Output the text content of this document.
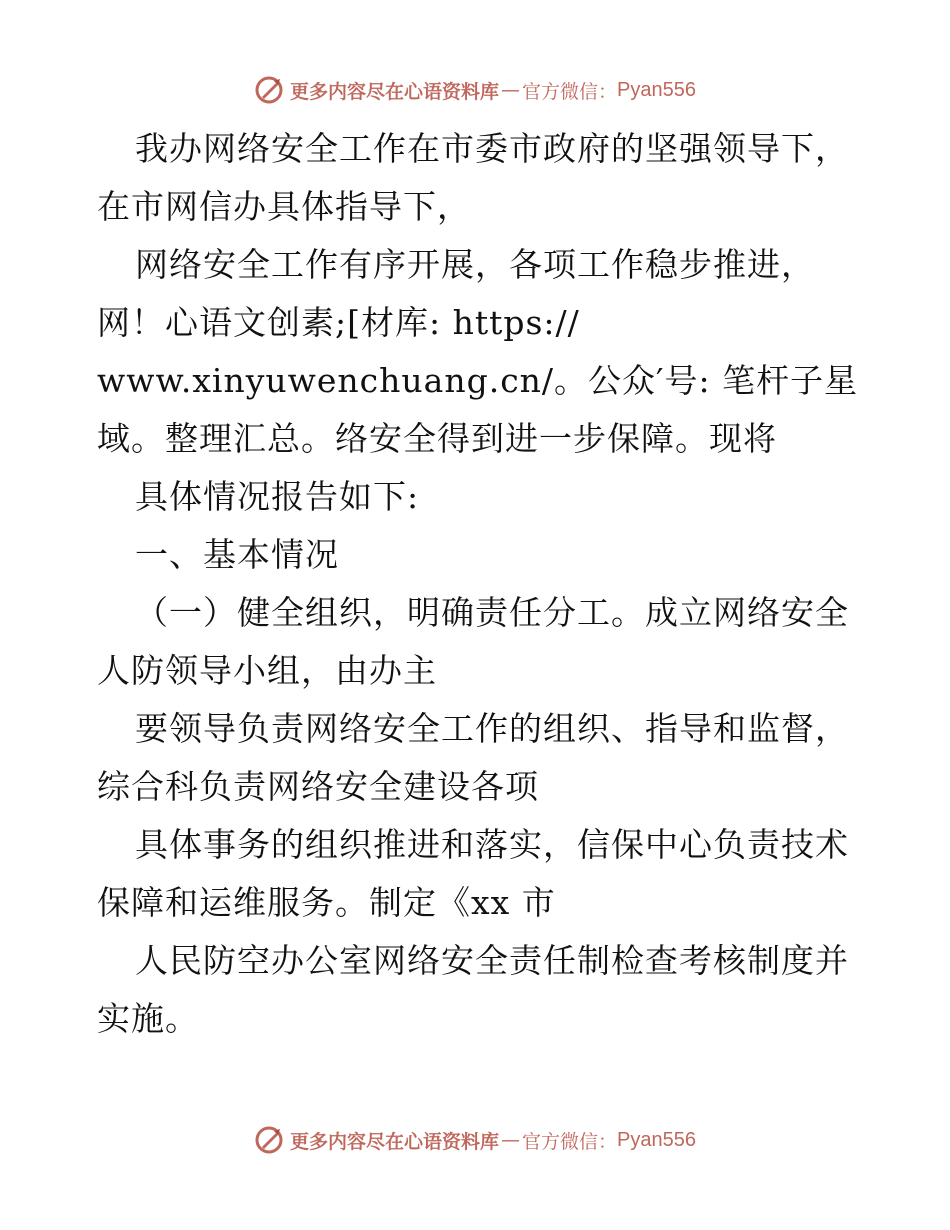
更多内容尽在心语资料库 — 官方微信： Pyan556
我办网络安全工作在市委市政府的坚强领导下，
在市网信办具体指导下，
网络安全工作有序开展，各项工作稳步推进，
网！心语文创素;[材库: https://
www.xinyuwenchuang.cn/。公众′号: 笔杆子星
域。整理汇总。络安全得到进一步保障。现将
具体情况报告如下:
一、基本情况
（一）健全组织，明确责任分工。成立网络安全
人防领导小组，由办主
要领导负责网络安全工作的组织、指导和监督，
综合科负责网络安全建设各项
具体事务的组织推进和落实，信保中心负责技术
保障和运维服务。制定《xx 市
人民防空办公室网络安全责任制检查考核制度并
实施。
更多内容尽在心语资料库 — 官方微信： Pyan556
